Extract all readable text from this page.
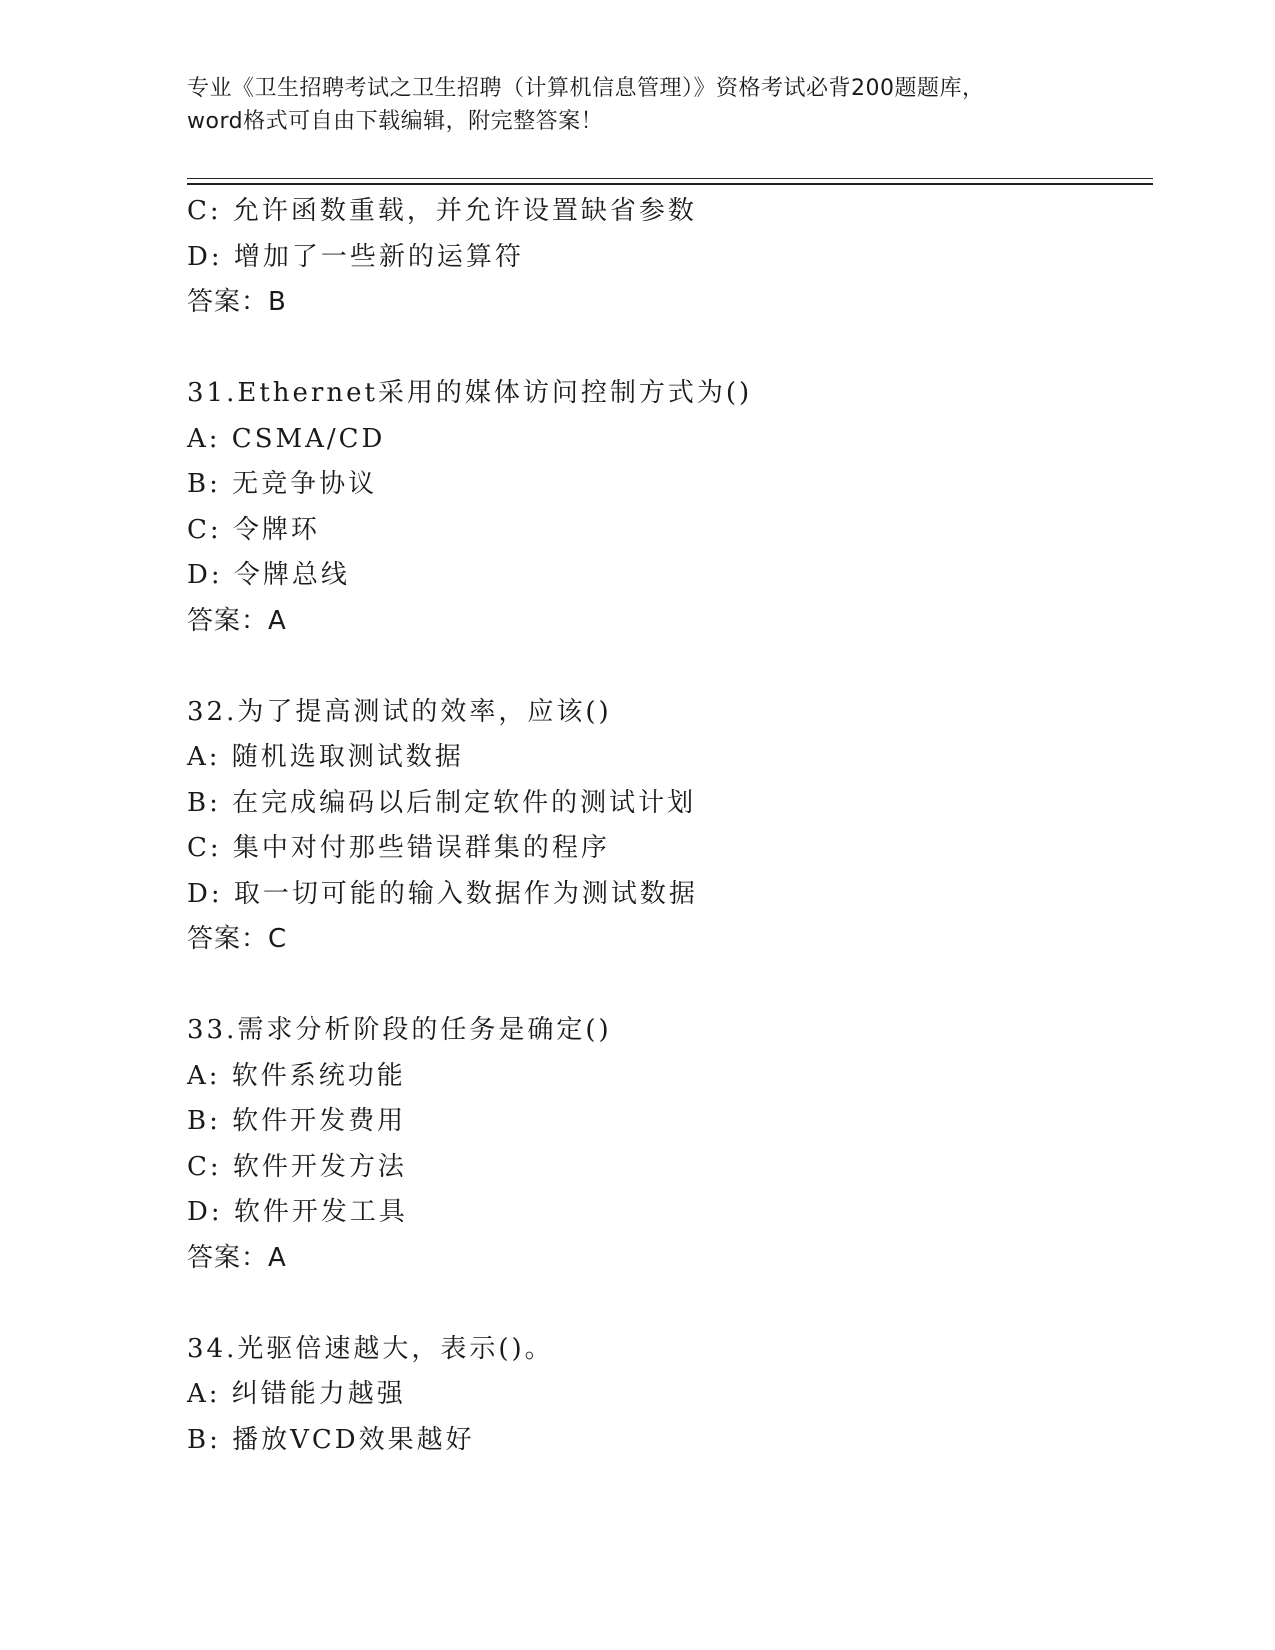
专业《卫生招聘考试之卫生招聘（计算机信息管理）》资格考试必背200题题库，
word格式可自由下载编辑，附完整答案！
C: 允许函数重载，并允许设置缺省参数
D: 增加了一些新的运算符
答案：B
31.Ethernet采用的媒体访问控制方式为()
A: CSMA/CD
B: 无竞争协议
C: 令牌环
D: 令牌总线
答案：A
32.为了提高测试的效率，应该()
A: 随机选取测试数据
B: 在完成编码以后制定软件的测试计划
C: 集中对付那些错误群集的程序
D: 取一切可能的输入数据作为测试数据
答案：C
33.需求分析阶段的任务是确定()
A: 软件系统功能
B: 软件开发费用
C: 软件开发方法
D: 软件开发工具
答案：A
34.光驱倍速越大，表示()。
A: 纠错能力越强
B: 播放VCD效果越好
